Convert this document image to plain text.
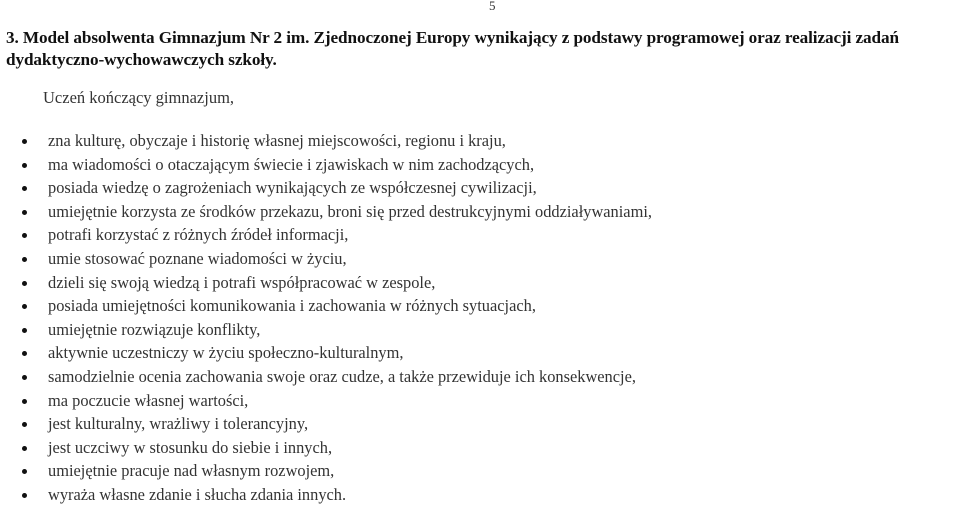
5
3. Model absolwenta Gimnazjum Nr 2 im. Zjednoczonej Europy wynikający z podstawy programowej oraz realizacji zadań dydaktyczno-wychowawczych szkoły.
Uczeń kończący gimnazjum,
zna kulturę, obyczaje i historię własnej miejscowości, regionu i kraju,
ma wiadomości o otaczającym świecie i zjawiskach w nim zachodzących,
posiada wiedzę o zagrożeniach wynikających ze współczesnej cywilizacji,
umiejętnie korzysta ze środków przekazu, broni się przed destrukcyjnymi oddziaływaniami,
potrafi korzystać z różnych źródeł informacji,
umie stosować poznane wiadomości w życiu,
dzieli się swoją wiedzą i potrafi współpracować w zespole,
posiada umiejętności komunikowania i zachowania w różnych sytuacjach,
umiejętnie rozwiązuje konflikty,
aktywnie uczestniczy w życiu społeczno-kulturalnym,
samodzielnie ocenia zachowania swoje oraz cudze, a także przewiduje ich konsekwencje,
ma poczucie własnej wartości,
jest kulturalny, wrażliwy i tolerancyjny,
jest uczciwy w stosunku do siebie i innych,
umiejętnie pracuje nad własnym rozwojem,
wyraża własne zdanie i słucha zdania innych.
